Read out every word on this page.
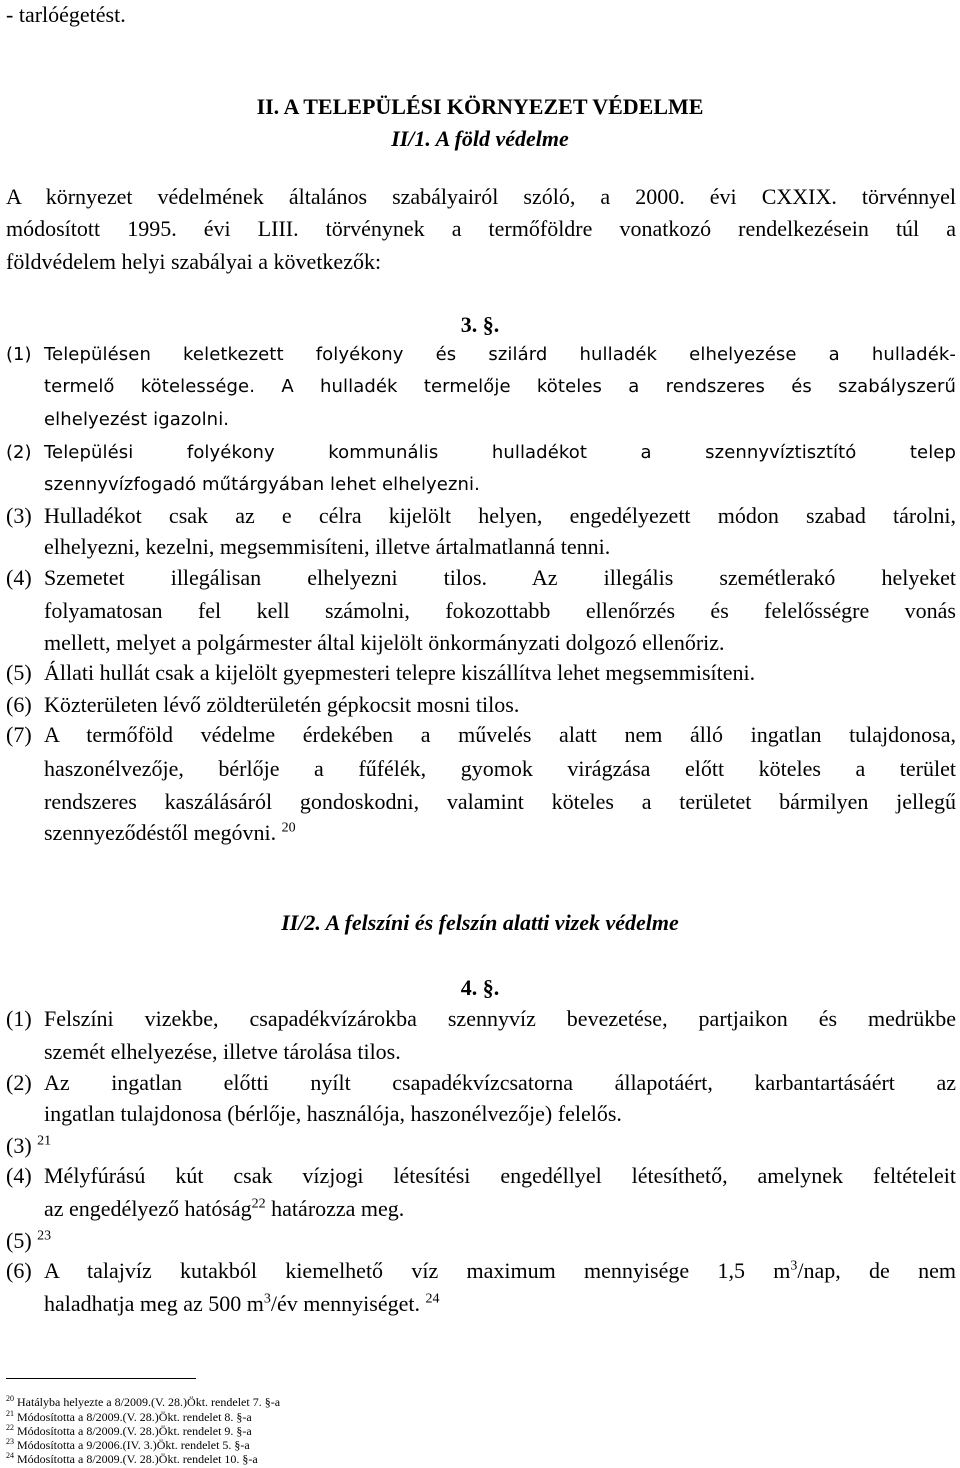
- tarlóégetést.
II. A TELEPÜLÉSI KÖRNYEZET VÉDELME
II/1. A föld védelme
A környezet védelmének általános szabályairól szóló, a 2000. évi CXXIX. törvénnyel
módosított 1995. évi LIII. törvénynek a termőföldre vonatkozó rendelkezésein túl a
földvédelem helyi szabályai a következők:
3. §.
(1) Településen keletkezett folyékony és szilárd hulladék elhelyezése a hulladék-
termelő kötelessége. A hulladék termelője köteles a rendszeres és szabályszerű
elhelyezést igazolni.
(2) Települési folyékony kommunális hulladékot a szennyvíztisztító telep
szennyvízfogadó műtárgyában lehet elhelyezni.
(3) Hulladékot csak az e célra kijelölt helyen, engedélyezett módon szabad tárolni,
elhelyezni, kezelni, megsemmisíteni, illetve ártalmatlanná tenni.
(4) Szemetet illegálisan elhelyezni tilos. Az illegális szemétlerakó helyeket
folyamatosan fel kell számolni, fokozottabb ellenőrzés és felelősségre vonás
mellett, melyet a polgármester által kijelölt önkormányzati dolgozó ellenőriz.
(5) Állati hullát csak a kijelölt gyepmesteri telepre kiszállítva lehet megsemmisíteni.
(6) Közterületen lévő zöldterületén gépkocsit mosni tilos.
(7) A termőföld védelme érdekében a művelés alatt nem álló ingatlan tulajdonosa,
haszonélvezője, bérlője a fűfélék, gyomok virágzása előtt köteles a terület
rendszeres kaszálásáról gondoskodni, valamint köteles a területet bármilyen jellegű
szennyeződéstől megóvni. $^{20}$
II/2. A felszíni és felszín alatti vizek védelme
4. §.
(1) Felszíni vizekbe, csapadékvízárokba szennyvíz bevezetése, partjaikon és medrükbe
szemét elhelyezése, illetve tárolása tilos.
(2) Az ingatlan előtti nyílt csapadékvízcsatorna állapotáért, karbantartásáért az
ingatlan tulajdonosa (bérlője, használója, haszonélvezője) felelős.
(3) $^{21}$
(4) Mélyfúrású kút csak vízjogi létesítési engedéllyel létesíthető, amelynek feltételeit
az engedélyező hatóság$^{22}$ határozza meg.
(5) $^{23}$
(6) A talajvíz kutakból kiemelhető víz maximum mennyisége 1,5 $m^3$/nap, de nem
haladhatja meg az 500 $m^3/év$ mennyiséget. $^{24}$
$^{20}$ Hatályba helyezte a 8/2009.(V. 28.)Ökt. rendelet 7. §-a
$^{21}$ Módosította a 8/2009.(V. 28.)Ökt. rendelet 8. §-a
$^{22}$ Módosította a 8/2009.(V. 28.)Ökt. rendelet 9. §-a
$^{23}$ Módosította a 9/2006.(IV. 3.)Ökt. rendelet 5. §-a
$^{24}$ Módosította a 8/2009.(V. 28.)Ökt. rendelet 10. §-a
